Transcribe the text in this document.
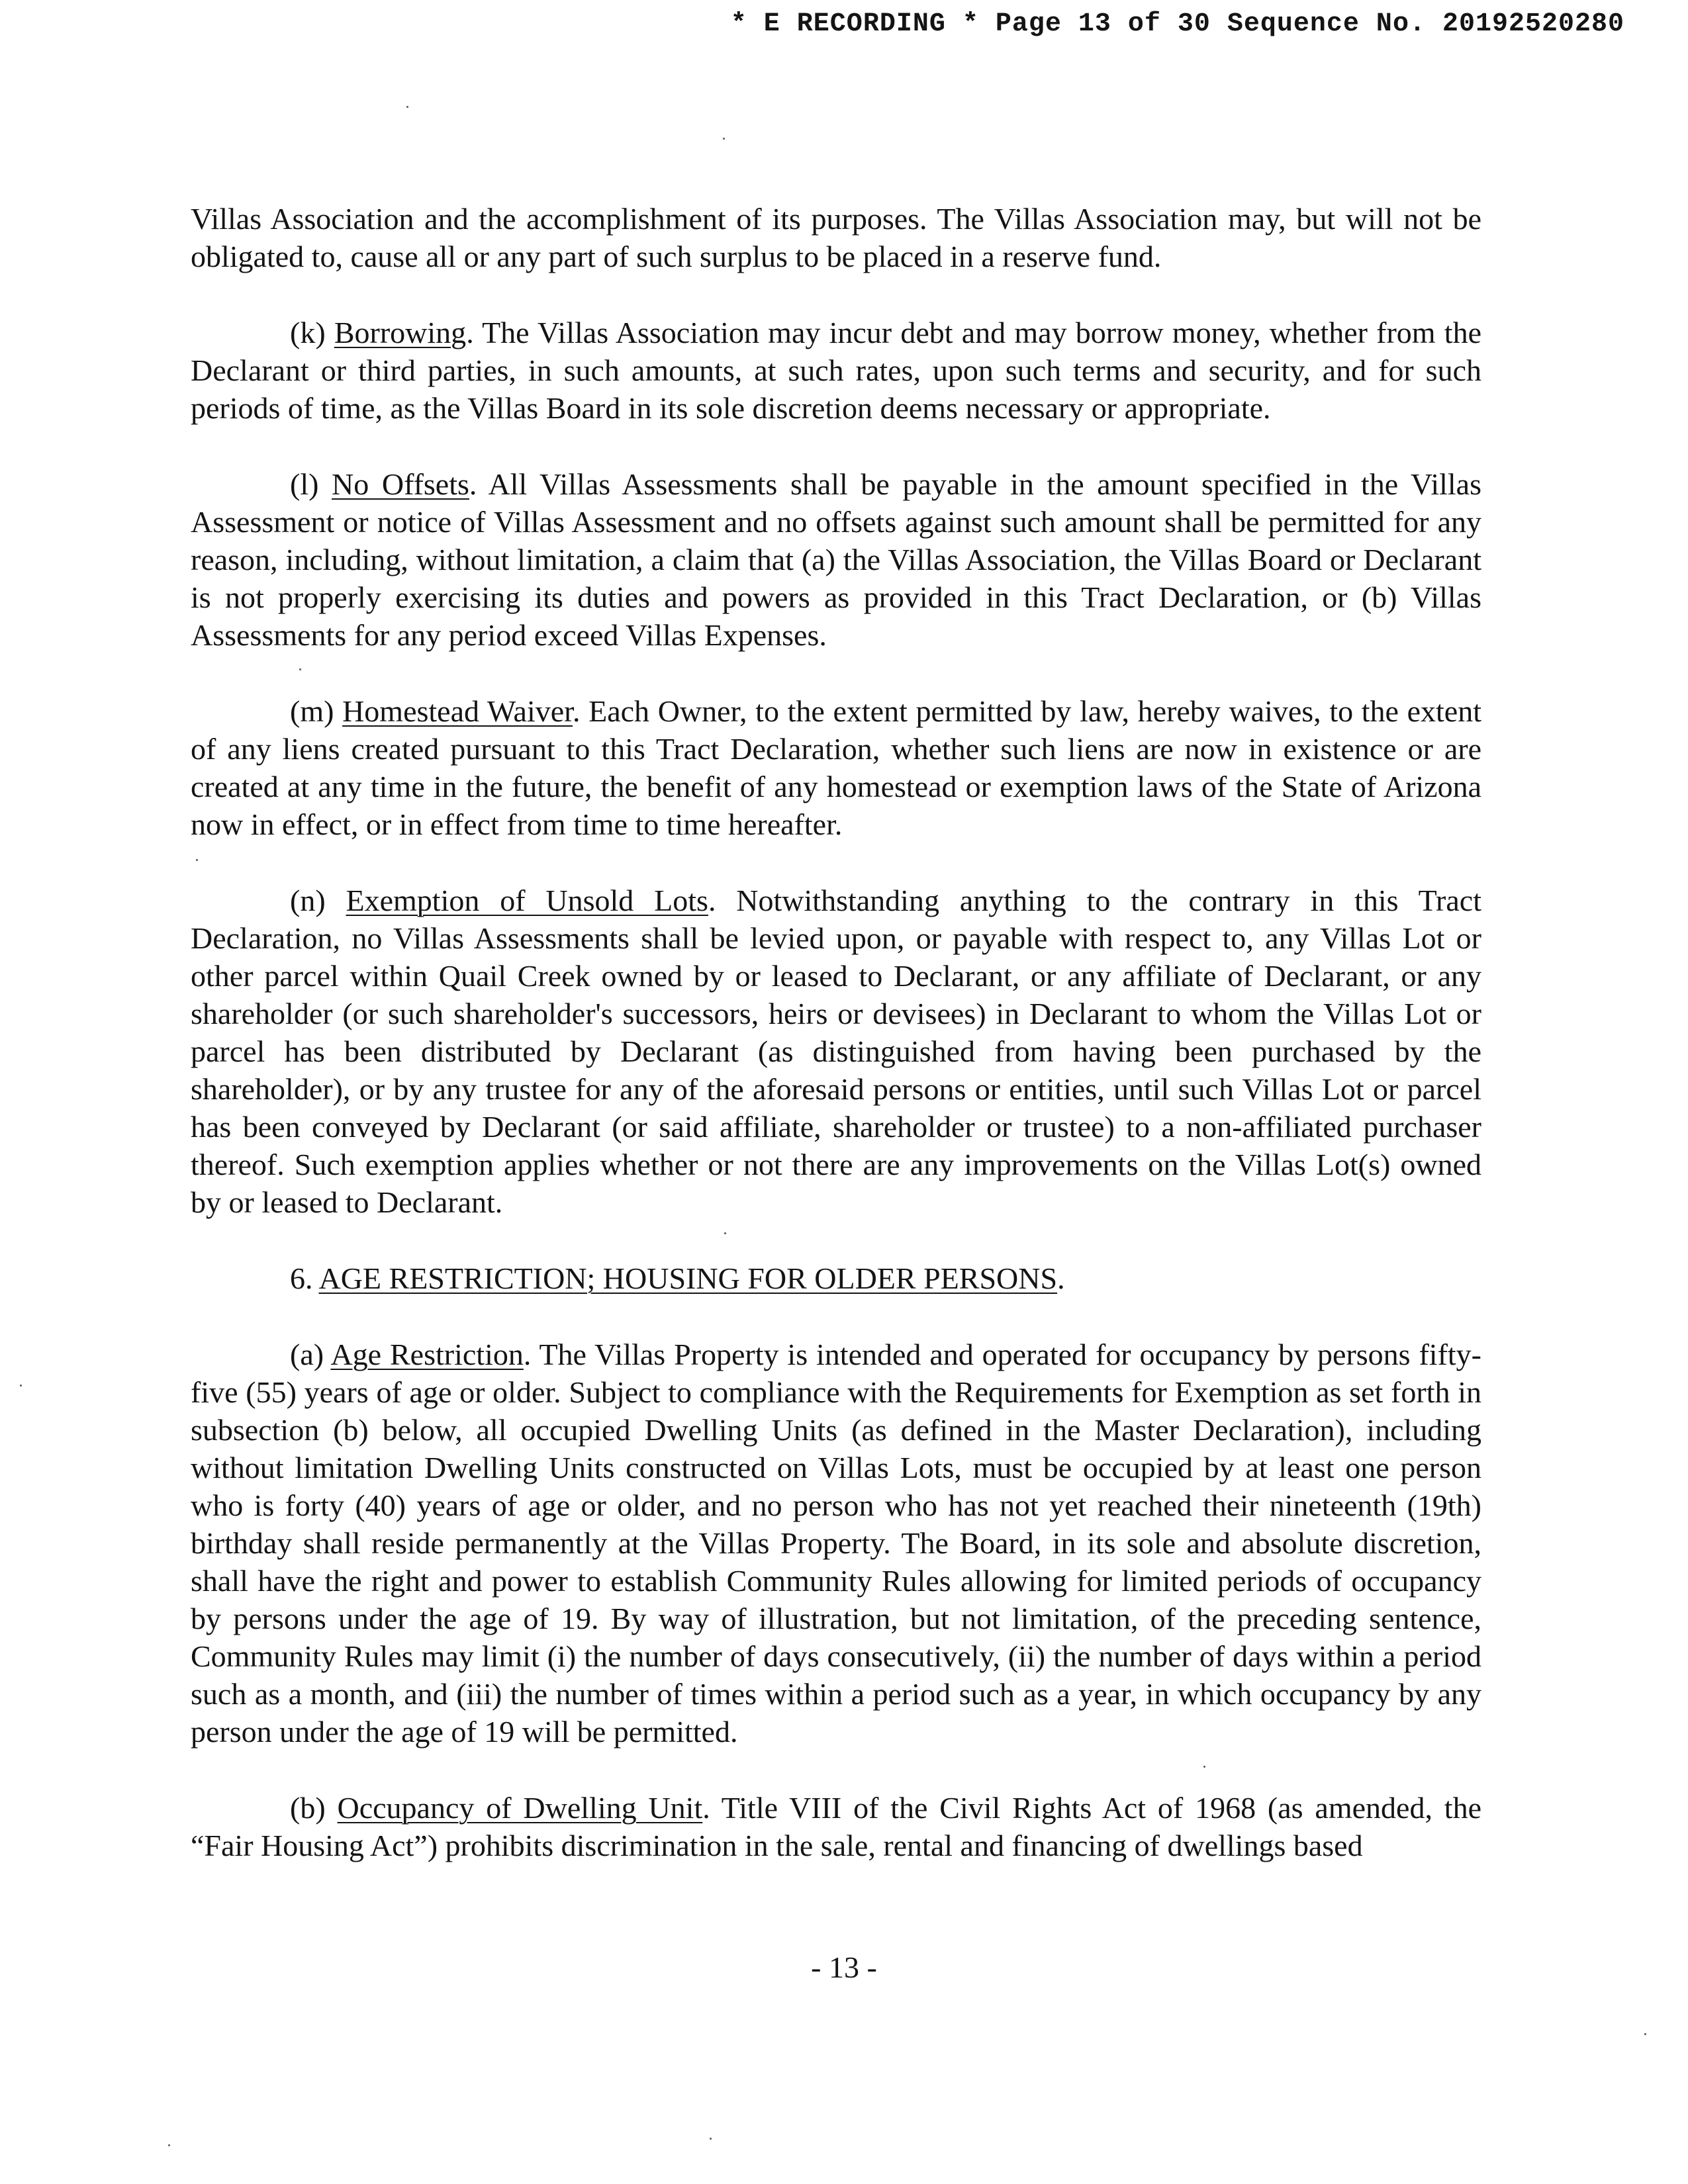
* E RECORDING * Page 13 of 30 Sequence No. 20192520280

Villas Association and the accomplishment of its purposes. The Villas Association may, but will not be obligated to, cause all or any part of such surplus to be placed in a reserve fund.

(k) Borrowing. The Villas Association may incur debt and may borrow money, whether from the Declarant or third parties, in such amounts, at such rates, upon such terms and security, and for such periods of time, as the Villas Board in its sole discretion deems necessary or appropriate.

(l) No Offsets. All Villas Assessments shall be payable in the amount specified in the Villas Assessment or notice of Villas Assessment and no offsets against such amount shall be permitted for any reason, including, without limitation, a claim that (a) the Villas Association, the Villas Board or Declarant is not properly exercising its duties and powers as provided in this Tract Declaration, or (b) Villas Assessments for any period exceed Villas Expenses.

(m) Homestead Waiver. Each Owner, to the extent permitted by law, hereby waives, to the extent of any liens created pursuant to this Tract Declaration, whether such liens are now in existence or are created at any time in the future, the benefit of any homestead or exemption laws of the State of Arizona now in effect, or in effect from time to time hereafter.

(n) Exemption of Unsold Lots. Notwithstanding anything to the contrary in this Tract Declaration, no Villas Assessments shall be levied upon, or payable with respect to, any Villas Lot or other parcel within Quail Creek owned by or leased to Declarant, or any affiliate of Declarant, or any shareholder (or such shareholder's successors, heirs or devisees) in Declarant to whom the Villas Lot or parcel has been distributed by Declarant (as distinguished from having been purchased by the shareholder), or by any trustee for any of the aforesaid persons or entities, until such Villas Lot or parcel has been conveyed by Declarant (or said affiliate, shareholder or trustee) to a non-affiliated purchaser thereof. Such exemption applies whether or not there are any improvements on the Villas Lot(s) owned by or leased to Declarant.

6. AGE RESTRICTION; HOUSING FOR OLDER PERSONS.

(a) Age Restriction. The Villas Property is intended and operated for occupancy by persons fifty-five (55) years of age or older. Subject to compliance with the Requirements for Exemption as set forth in subsection (b) below, all occupied Dwelling Units (as defined in the Master Declaration), including without limitation Dwelling Units constructed on Villas Lots, must be occupied by at least one person who is forty (40) years of age or older, and no person who has not yet reached their nineteenth (19th) birthday shall reside permanently at the Villas Property. The Board, in its sole and absolute discretion, shall have the right and power to establish Community Rules allowing for limited periods of occupancy by persons under the age of 19. By way of illustration, but not limitation, of the preceding sentence, Community Rules may limit (i) the number of days consecutively, (ii) the number of days within a period such as a month, and (iii) the number of times within a period such as a year, in which occupancy by any person under the age of 19 will be permitted.

(b) Occupancy of Dwelling Unit. Title VIII of the Civil Rights Act of 1968 (as amended, the “Fair Housing Act”) prohibits discrimination in the sale, rental and financing of dwellings based

- 13 -
